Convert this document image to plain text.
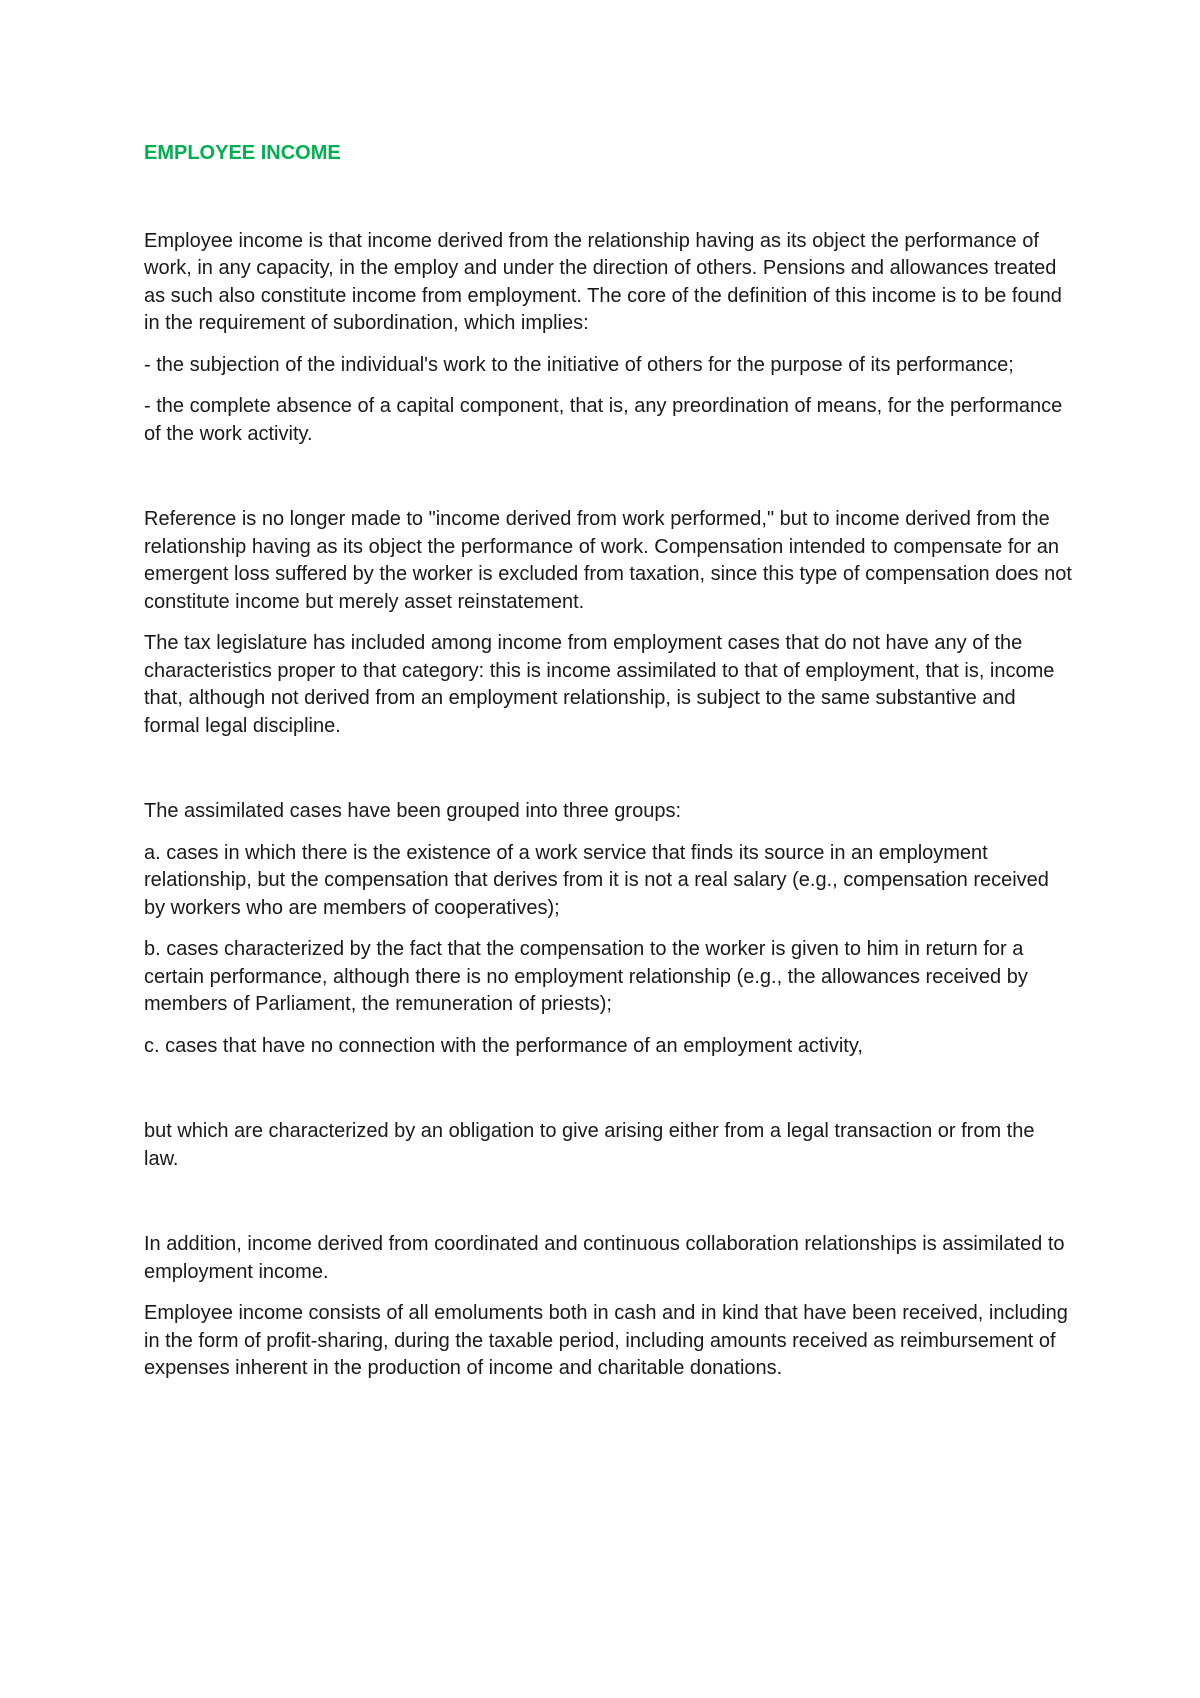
EMPLOYEE INCOME

Employee income is that income derived from the relationship having as its object the performance of work, in any capacity, in the employ and under the direction of others. Pensions and allowances treated as such also constitute income from employment. The core of the definition of this income is to be found in the requirement of subordination, which implies:

- the subjection of the individual's work to the initiative of others for the purpose of its performance;

- the complete absence of a capital component, that is, any preordination of means, for the performance of the work activity.

Reference is no longer made to "income derived from work performed," but to income derived from the relationship having as its object the performance of work. Compensation intended to compensate for an emergent loss suffered by the worker is excluded from taxation, since this type of compensation does not constitute income but merely asset reinstatement.

The tax legislature has included among income from employment cases that do not have any of the characteristics proper to that category: this is income assimilated to that of employment, that is, income that, although not derived from an employment relationship, is subject to the same substantive and formal legal discipline.

The assimilated cases have been grouped into three groups:

a. cases in which there is the existence of a work service that finds its source in an employment relationship, but the compensation that derives from it is not a real salary (e.g., compensation received by workers who are members of cooperatives);

b. cases characterized by the fact that the compensation to the worker is given to him in return for a certain performance, although there is no employment relationship (e.g., the allowances received by members of Parliament, the remuneration of priests);

c. cases that have no connection with the performance of an employment activity,

but which are characterized by an obligation to give arising either from a legal transaction or from the law.

In addition, income derived from coordinated and continuous collaboration relationships is assimilated to employment income.

Employee income consists of all emoluments both in cash and in kind that have been received, including in the form of profit-sharing, during the taxable period, including amounts received as reimbursement of expenses inherent in the production of income and charitable donations.
